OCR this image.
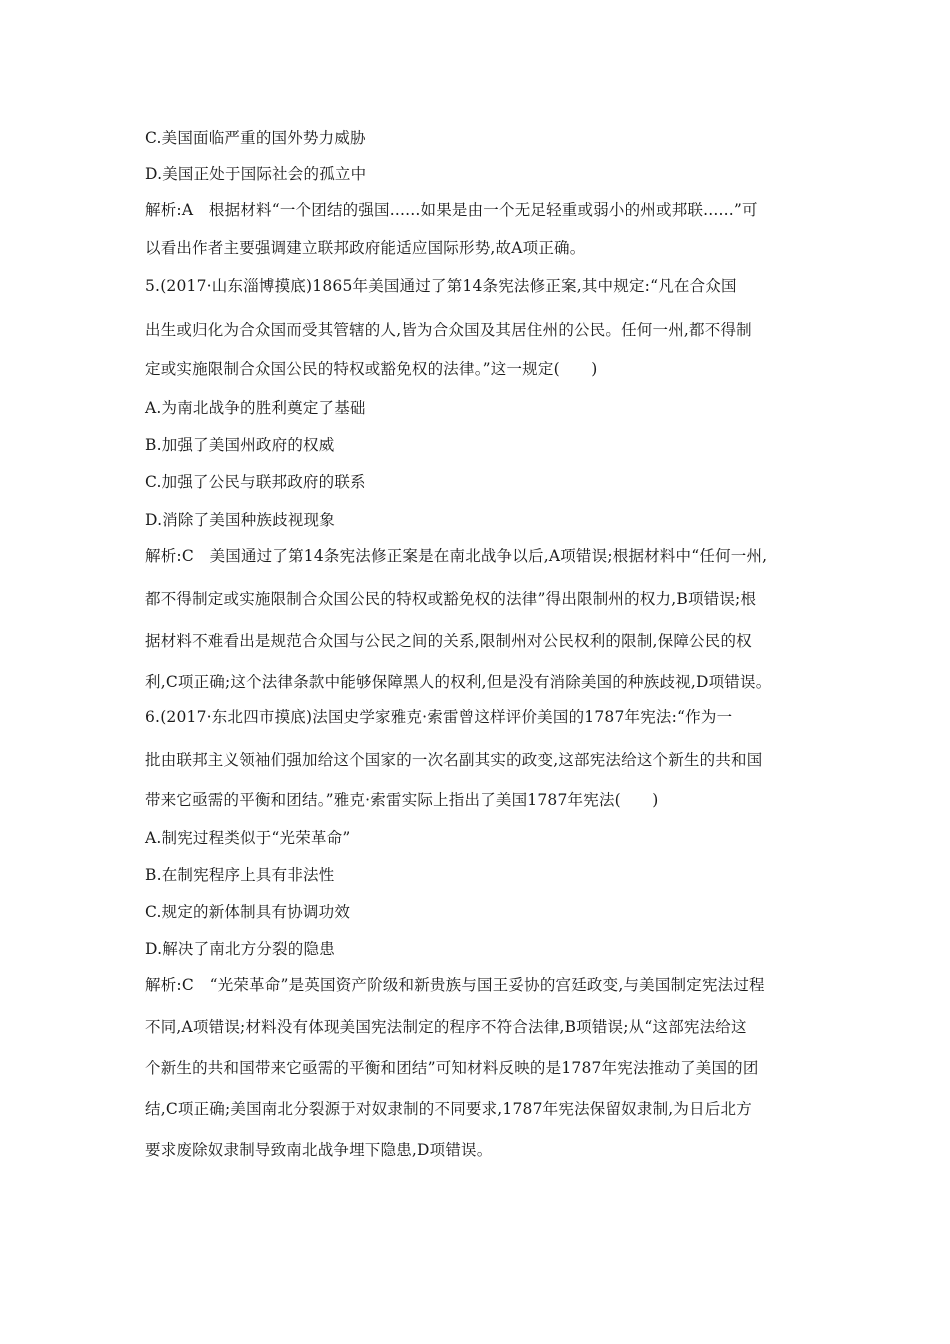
C.美国面临严重的国外势力威胁
D.美国正处于国际社会的孤立中
解析:A　根据材料“一个团结的强国......如果是由一个无足轻重或弱小的州或邦联......”可
以看出作者主要强调建立联邦政府能适应国际形势,故A项正确。
5.(2017·山东淄博摸底)1865年美国通过了第14条宪法修正案,其中规定:“凡在合众国
出生或归化为合众国而受其管辖的人,皆为合众国及其居住州的公民。任何一州,都不得制
定或实施限制合众国公民的特权或豁免权的法律。”这一规定(　　)
A.为南北战争的胜利奠定了基础
B.加强了美国州政府的权威
C.加强了公民与联邦政府的联系
D.消除了美国种族歧视现象
解析:C　美国通过了第14条宪法修正案是在南北战争以后,A项错误;根据材料中“任何一州,
都不得制定或实施限制合众国公民的特权或豁免权的法律”得出限制州的权力,B项错误;根
据材料不难看出是规范合众国与公民之间的关系,限制州对公民权利的限制,保障公民的权
利,C项正确;这个法律条款中能够保障黑人的权利,但是没有消除美国的种族歧视,D项错误。
6.(2017·东北四市摸底)法国史学家雅克·索雷曾这样评价美国的1787年宪法:“作为一
批由联邦主义领袖们强加给这个国家的一次名副其实的政变,这部宪法给这个新生的共和国
带来它亟需的平衡和团结。”雅克·索雷实际上指出了美国1787年宪法(　　)
A.制宪过程类似于“光荣革命”
B.在制宪程序上具有非法性
C.规定的新体制具有协调功效
D.解决了南北方分裂的隐患
解析:C　“光荣革命”是英国资产阶级和新贵族与国王妥协的宫廷政变,与美国制定宪法过程
不同,A项错误;材料没有体现美国宪法制定的程序不符合法律,B项错误;从“这部宪法给这
个新生的共和国带来它亟需的平衡和团结”可知材料反映的是1787年宪法推动了美国的团
结,C项正确;美国南北分裂源于对奴隶制的不同要求,1787年宪法保留奴隶制,为日后北方
要求废除奴隶制导致南北战争埋下隐患,D项错误。
